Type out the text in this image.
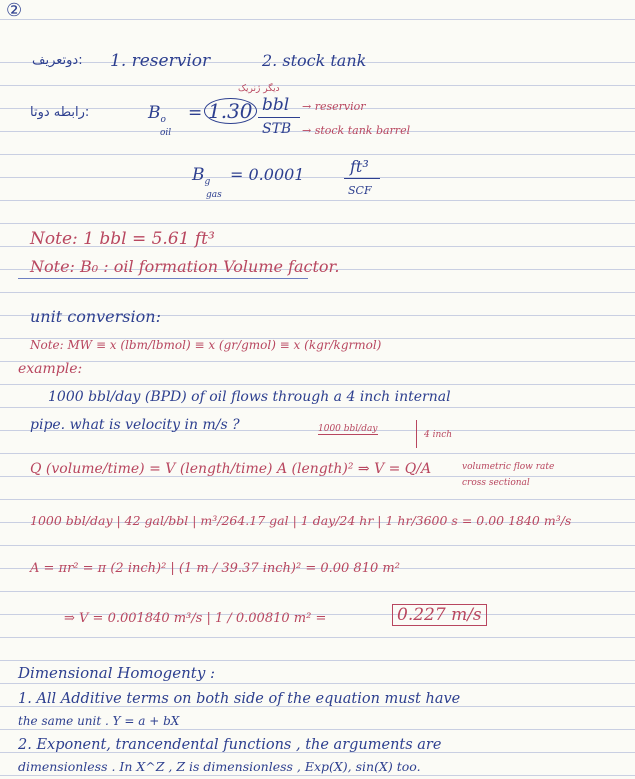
②
دوتعریف: 1. reservior	2. stock tank
دیگر ژنریک
رابطه دوتا:	$B_o$
oil
= 1.30 bbl
STB
→ reservior
→ stock tank barrel
$B_g$
gas
= 0.0001	ft³
SCF
Note: 1 bbl = 5.61 ft³
Note: B₀ : oil formation Volume factor.
unit conversion:
Note: MW ≡ x (lbm/lbmol) ≡ x (gr/gmol) ≡ x (kgr/kgrmol)
example:
1000 bbl/day (BPD) of oil flows through a 4 inch internal
pipe. what is velocity in m/s ?	1000 bbl/day
4 inch
Q (volume/time) = V (length/time) A (length)² ⇒ V = Q/A	volumetric flow rate
cross sectional
1000 bbl/day | 42 gal/bbl | m³/264.17 gal | 1 day/24 hr | 1 hr/3600 s = 0.00 1840 m³/s
A = πr² = π (2 inch)² | (1 m / 39.37 inch)² = 0.00 810 m²
⇒ V = 0.001840 m³/s | 1 / 0.00810 m² =	0.227 m/s
Dimensional Homogenty :
1. All Additive terms on both side of the equation must have
the same unit . Y = a + bX
2. Exponent, trancendental functions , the arguments are
dimensionless . In X^Z , Z is dimensionless , Exp(X), sin(X) too.
